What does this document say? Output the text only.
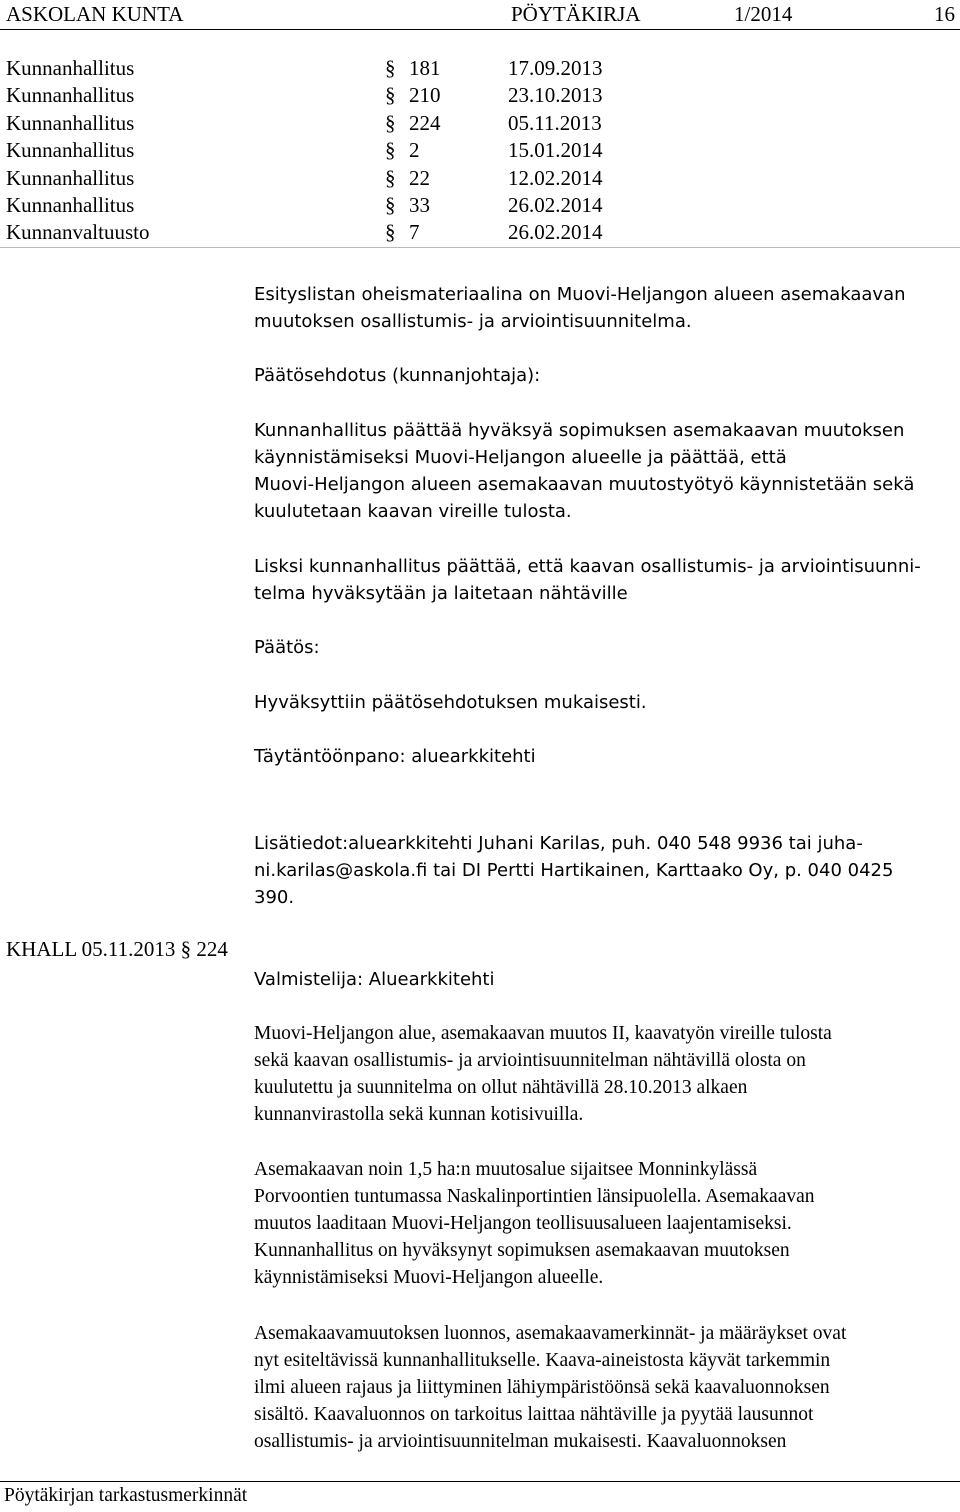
ASKOLAN KUNTA	PÖYTÄKIRJA	1/2014	16
Kunnanhallitus	§ 181	17.09.2013
Kunnanhallitus	§ 210	23.10.2013
Kunnanhallitus	§ 224	05.11.2013
Kunnanhallitus	§ 2	15.01.2014
Kunnanhallitus	§ 22	12.02.2014
Kunnanhallitus	§ 33	26.02.2014
Kunnanvaltuusto	§ 7	26.02.2014
Esityslistan oheismateriaalina on Muovi-Heljangon alueen asemakaavan
muutoksen osallistumis- ja arviointisuunnitelma.
Päätösehdotus (kunnanjohtaja):
Kunnanhallitus päättää hyväksyä sopimuksen asemakaavan muutoksen
käynnistämiseksi Muovi-Heljangon alueelle ja päättää, että
Muovi-Heljangon alueen asemakaavan muutostyötyö käynnistetään sekä
kuulutetaan kaavan vireille tulosta.
Lisksi kunnanhallitus päättää, että kaavan osallistumis- ja arviointisuunni-
telma hyväksytään ja laitetaan nähtäville
Päätös:
Hyväksyttiin päätösehdotuksen mukaisesti.
Täytäntöönpano: aluearkkitehti
Lisätiedot:aluearkkitehti Juhani Karilas, puh. 040 548 9936 tai juha-
ni.karilas@askola.fi tai DI Pertti Hartikainen, Karttaako Oy, p. 040 0425
390.
KHALL 05.11.2013 § 224
Valmistelija: Aluearkkitehti
Muovi-Heljangon alue, asemakaavan muutos II, kaavatyön vireille tulosta
sekä kaavan osallistumis- ja arviointisuunnitelman nähtävillä olosta on
kuulutettu ja suunnitelma on ollut nähtävillä 28.10.2013 alkaen
kunnanvirastolla sekä kunnan kotisivuilla.
Asemakaavan noin 1,5 ha:n muutosalue sijaitsee Monninkylässä
Porvoontien tuntumassa Naskalinportintien länsipuolella. Asemakaavan
muutos laaditaan Muovi-Heljangon teollisuusalueen laajentamiseksi.
Kunnanhallitus on hyväksynyt sopimuksen asemakaavan muutoksen
käynnistämiseksi Muovi-Heljangon alueelle.
Asemakaavamuutoksen luonnos, asemakaavamerkinnät- ja määräykset ovat
nyt esiteltävissä kunnanhallitukselle. Kaava-aineistosta käyvät tarkemmin
ilmi alueen rajaus ja liittyminen lähiympäristöönsä sekä kaavaluonnoksen
sisältö. Kaavaluonnos on tarkoitus laittaa nähtäville ja pyytää lausunnot
osallistumis- ja arviointisuunnitelman mukaisesti. Kaavaluonnoksen
Pöytäkirjan tarkastusmerkinnät
